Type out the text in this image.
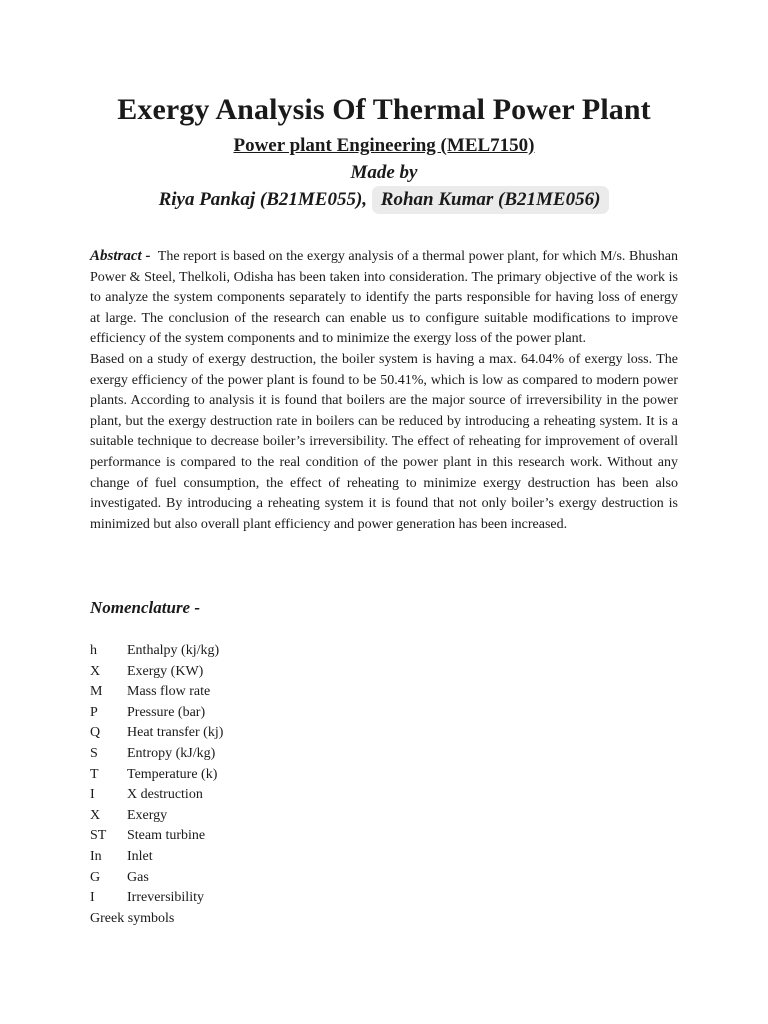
Exergy Analysis Of Thermal Power Plant
Power plant Engineering (MEL7150)
Made by
Riya Pankaj (B21ME055), Rohan Kumar (B21ME056)

Abstract - The report is based on the exergy analysis of a thermal power plant, for which M/s. Bhushan Power & Steel, Thelkoli, Odisha has been taken into consideration. The primary objective of the work is to analyze the system components separately to identify the parts responsible for having loss of energy at large. The conclusion of the research can enable us to configure suitable modifications to improve efficiency of the system components and to minimize the exergy loss of the power plant.

Based on a study of exergy destruction, the boiler system is having a max. 64.04% of exergy loss. The exergy efficiency of the power plant is found to be 50.41%, which is low as compared to modern power plants. According to analysis it is found that boilers are the major source of irreversibility in the power plant, but the exergy destruction rate in boilers can be reduced by introducing a reheating system. It is a suitable technique to decrease boiler’s irreversibility. The effect of reheating for improvement of overall performance is compared to the real condition of the power plant in this research work. Without any change of fuel consumption, the effect of reheating to minimize exergy destruction has been also investigated. By introducing a reheating system it is found that not only boiler’s exergy destruction is minimized but also overall plant efficiency and power generation has been increased.

Nomenclature -
h Enthalpy (kj/kg)
X Exergy (KW)
M Mass flow rate
P Pressure (bar)
Q Heat transfer (kj)
S Entropy (kJ/kg)
T Temperature (k)
I X destruction
X Exergy
ST Steam turbine
In Inlet
G Gas
I Irreversibility
Greek symbols
